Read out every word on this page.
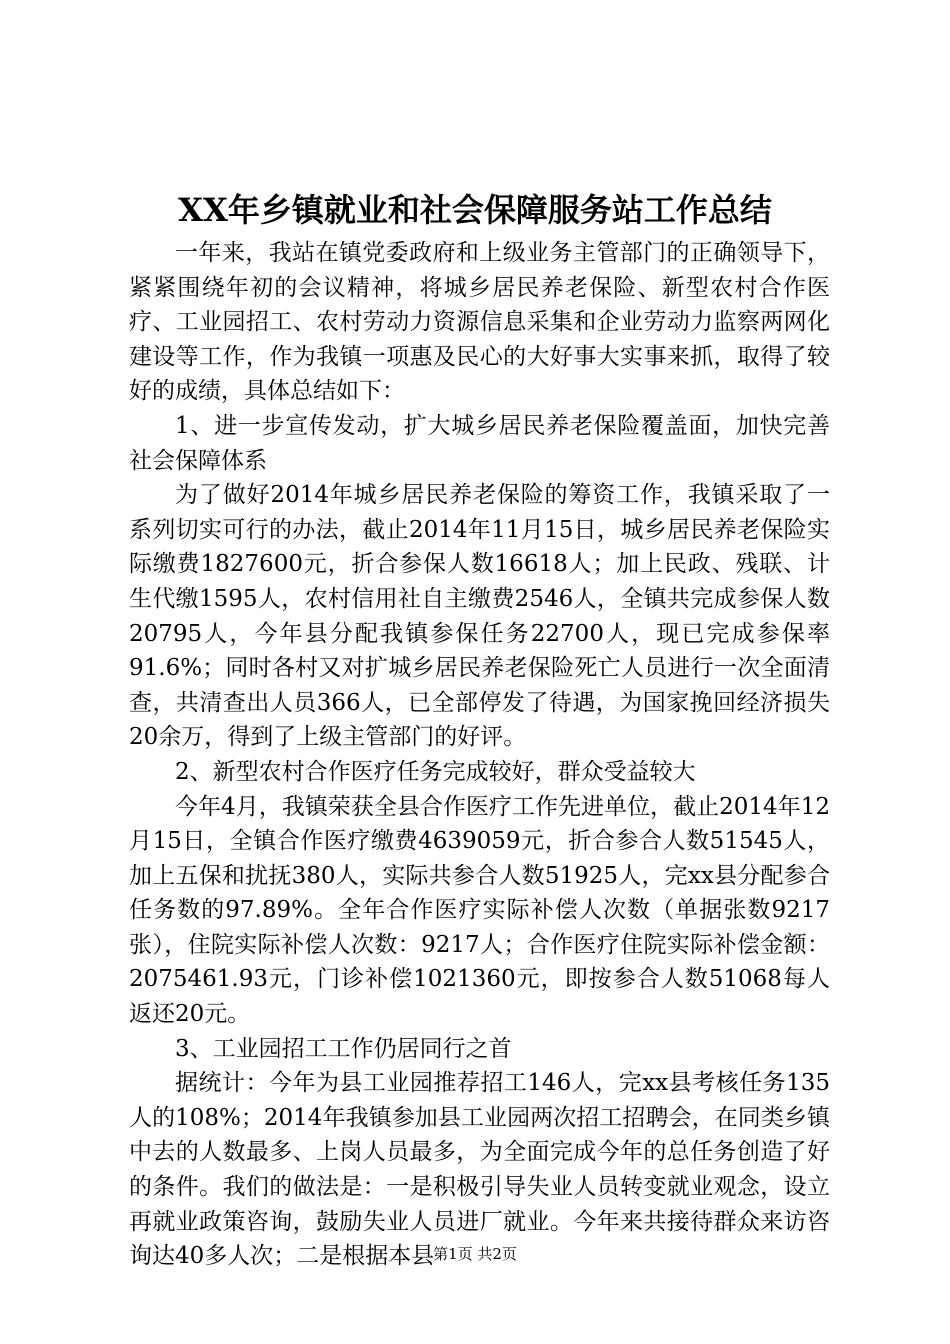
XX年乡镇就业和社会保障服务站工作总结

一年来，我站在镇党委政府和上级业务主管部门的正确领导下，紧紧围绕年初的会议精神，将城乡居民养老保险、新型农村合作医疗、工业园招工、农村劳动力资源信息采集和企业劳动力监察两网化建设等工作，作为我镇一项惠及民心的大好事大实事来抓，取得了较好的成绩，具体总结如下：

1、进一步宣传发动，扩大城乡居民养老保险覆盖面，加快完善社会保障体系

为了做好2014年城乡居民养老保险的筹资工作，我镇采取了一系列切实可行的办法，截止2014年11月15日，城乡居民养老保险实际缴费1827600元，折合参保人数16618人；加上民政、残联、计生代缴1595人，农村信用社自主缴费2546人，全镇共完成参保人数20795人，今年县分配我镇参保任务22700人，现已完成参保率91.6%；同时各村又对扩城乡居民养老保险死亡人员进行一次全面清查，共清查出人员366人，已全部停发了待遇，为国家挽回经济损失20余万，得到了上级主管部门的好评。

2、新型农村合作医疗任务完成较好，群众受益较大

今年4月，我镇荣获全县合作医疗工作先进单位，截止2014年12月15日，全镇合作医疗缴费4639059元，折合参合人数51545人，加上五保和扰抚380人，实际共参合人数51925人，完xx县分配参合任务数的97.89%。全年合作医疗实际补偿人次数（单据张数9217张），住院实际补偿人次数：9217人；合作医疗住院实际补偿金额：2075461.93元，门诊补偿1021360元，即按参合人数51068每人返还20元。

3、工业园招工工作仍居同行之首

据统计：今年为县工业园推荐招工146人，完xx县考核任务135人的108%；2014年我镇参加县工业园两次招工招聘会，在同类乡镇中去的人数最多、上岗人员最多，为全面完成今年的总任务创造了好的条件。我们的做法是：一是积极引导失业人员转变就业观念，设立再就业政策咨询，鼓励失业人员进厂就业。今年来共接待群众来访咨询达40多人次；二是根据本县

第1页 共2页
